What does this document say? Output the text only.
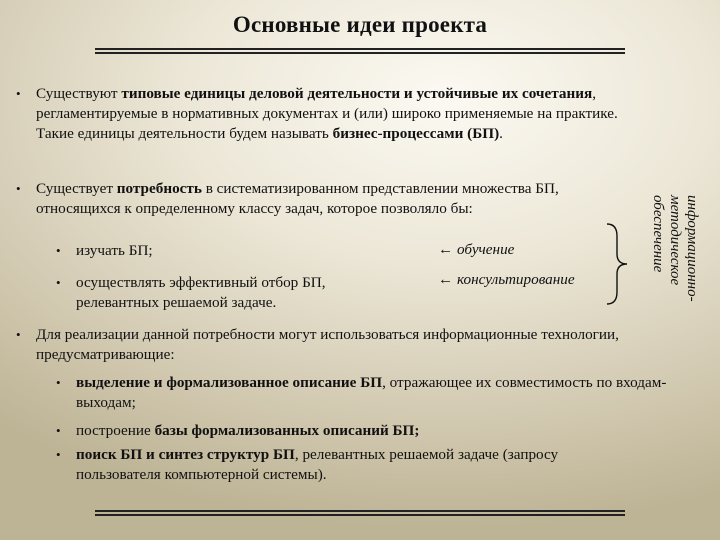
Основные идеи проекта
•	Существуют типовые единицы деловой деятельности и устойчивые их сочетания, регламентируемые в нормативных документах и (или) широко применяемые на практике. Такие единицы деятельности будем называть бизнес-процессами (БП).
•	Существует потребность в систематизированном представлении множества БП, относящихся к определенному классу задач, которое позволяло бы:
•	изучать БП;
•	осуществлять эффективный отбор БП, релевантных решаемой задаче.
← обучение
← консультирование	информационно-методическое обеспечение
•	Для реализации данной потребности могут использоваться информационные технологии, предусматривающие:
•	выделение и формализованное описание БП, отражающее их совместимость по входам-выходам;
•	построение базы формализованных описаний БП;
•	поиск БП и синтез структур БП, релевантных решаемой задаче (запросу пользователя компьютерной системы).
